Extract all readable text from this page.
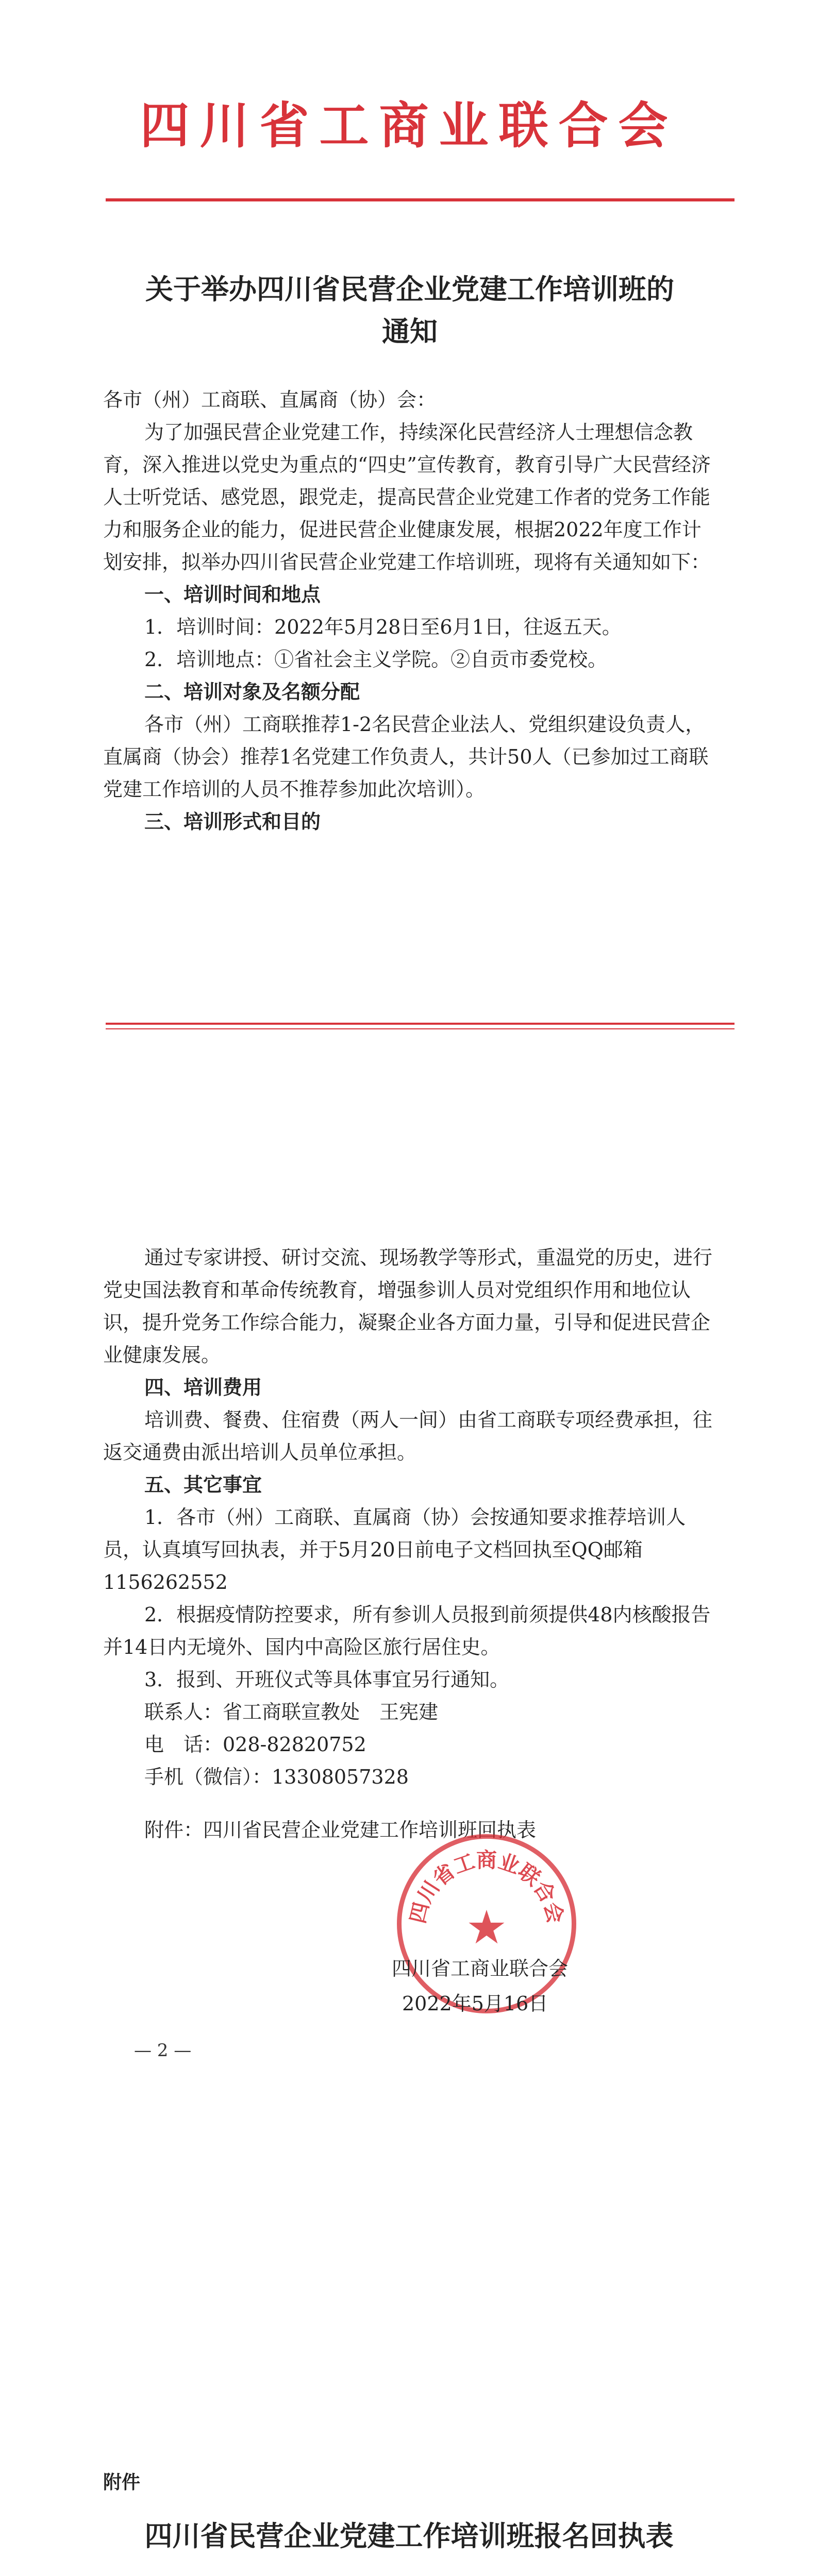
四川省工商业联合会
关于举办四川省民营企业党建工作培训班的
通知

各市（州）工商联、直属商（协）会：

为了加强民营企业党建工作，持续深化民营经济人士理想信念教育，深入推进以党史为重点的“四史”宣传教育，教育引导广大民营经济人士听党话、感党恩，跟党走，提高民营企业党建工作者的党务工作能力和服务企业的能力，促进民营企业健康发展，根据2022年度工作计划安排，拟举办四川省民营企业党建工作培训班，现将有关通知如下：

一、培训时间和地点

1．培训时间：2022年5月28日至6月1日，往返五天。

2．培训地点：①省社会主义学院。②自贡市委党校。

二、培训对象及名额分配

各市（州）工商联推荐1-2名民营企业法人、党组织建设负责人，直属商（协会）推荐1名党建工作负责人，共计50人（已参加过工商联党建工作培训的人员不推荐参加此次培训）。

三、培训形式和目的

通过专家讲授、研讨交流、现场教学等形式，重温党的历史，进行党史国法教育和革命传统教育，增强参训人员对党组织作用和地位认识，提升党务工作综合能力，凝聚企业各方面力量，引导和促进民营企业健康发展。

四、培训费用

培训费、餐费、住宿费（两人一间）由省工商联专项经费承担，往返交通费由派出培训人员单位承担。

五、其它事宜

1．各市（州）工商联、直属商（协）会按通知要求推荐培训人员，认真填写回执表，并于5月20日前电子文档回执至QQ邮箱1156262552

2．根据疫情防控要求，所有参训人员报到前须提供48内核酸报告并14日内无境外、国内中高险区旅行居住史。

3．报到、开班仪式等具体事宜另行通知。

联系人：省工商联宣教处　王宪建

电　话：028-82820752

手机（微信）：13308057328

附件：四川省民营企业党建工作培训班回执表

四川省工商业联合会
★
四川省工商业联合会
2022年5月16日
— 2 —
附件
四川省民营企业党建工作培训班报名回执表
